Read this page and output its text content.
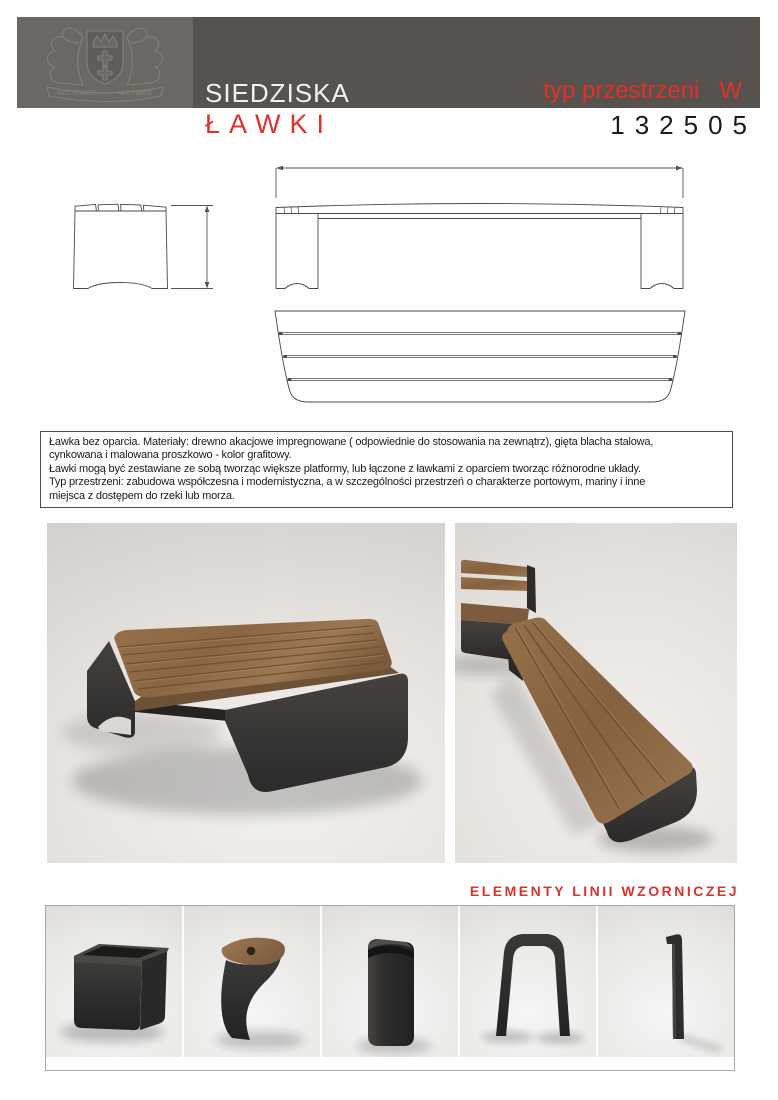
NEC TEMERE	NEC TIMIDE SIEDZISKA	typ przestrzeni W
ŁAWKI	132505
Ławka bez oparcia. Materiały: drewno akacjowe impregnowane ( odpowiednie do stosowania na zewnątrz), gięta blacha stalowa,
cynkowana i malowana proszkowo - kolor grafitowy.
Ławki mogą być zestawiane ze sobą tworząc większe platformy, lub łączone z ławkami z oparciem tworząc różnorodne układy.
Typ przestrzeni: zabudowa współczesna i modernistyczna, a w szczególności przestrzeń o charakterze portowym, mariny i inne
miejsca z dostępem do rzeki lub morza.
ELEMENTY LINII WZORNICZEJ
